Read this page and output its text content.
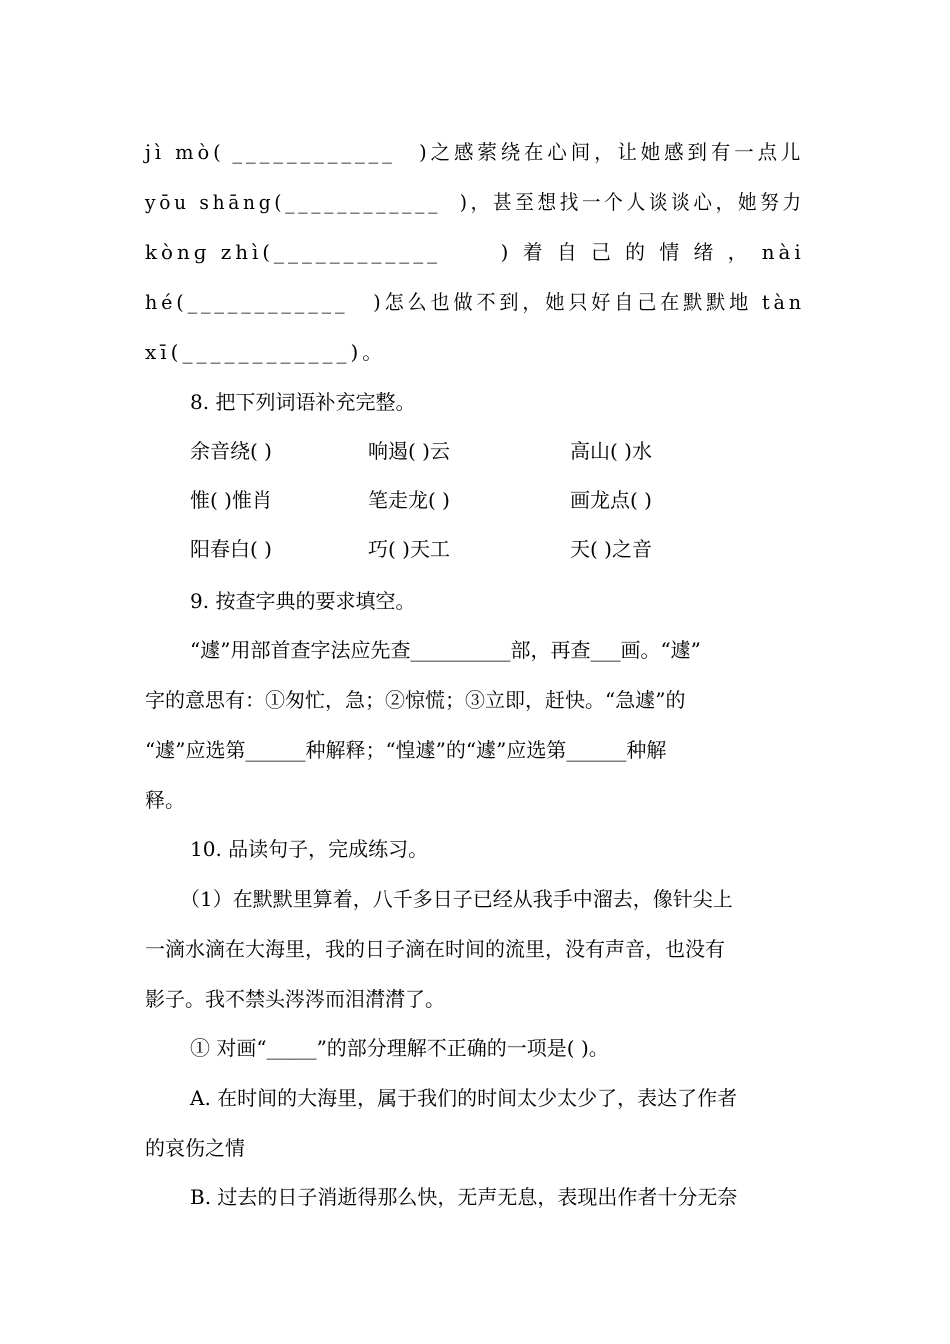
jì mò( ____________ )之感萦绕在心间，让她感到有一点儿
yōu shāng(____________ )，甚至想找一个人谈谈心，她努力
kònɡ zhì(____________	) 着 自 己 的 情 绪 ， nài
hé(____________ )怎么也做不到，她只好自己在默默地 tàn
xī(____________)。
8. 把下列词语补充完整。
余音绕( )	响遏( )云	高山( )水
惟( )惟肖	笔走龙( )	画龙点( )
阳春白( )	巧( )天工	天( )之音
9. 按查字典的要求填空。
“遽”用部首查字法应先查__________部，再查___画。“遽”
字的意思有：①匆忙，急；②惊慌；③立即，赶快。“急遽”的
“遽”应选第______种解释；“惶遽”的“遽”应选第______种解
释。
10. 品读句子，完成练习。
（1）在默默里算着，八千多日子已经从我手中溜去，像针尖上
一滴水滴在大海里，我的日子滴在时间的流里，没有声音，也没有
影子。我不禁头涔涔而泪潸潸了。
① 对画“_____”的部分理解不正确的一项是( )。
A. 在时间的大海里，属于我们的时间太少太少了，表达了作者
的哀伤之情
B. 过去的日子消逝得那么快，无声无息，表现出作者十分无奈
